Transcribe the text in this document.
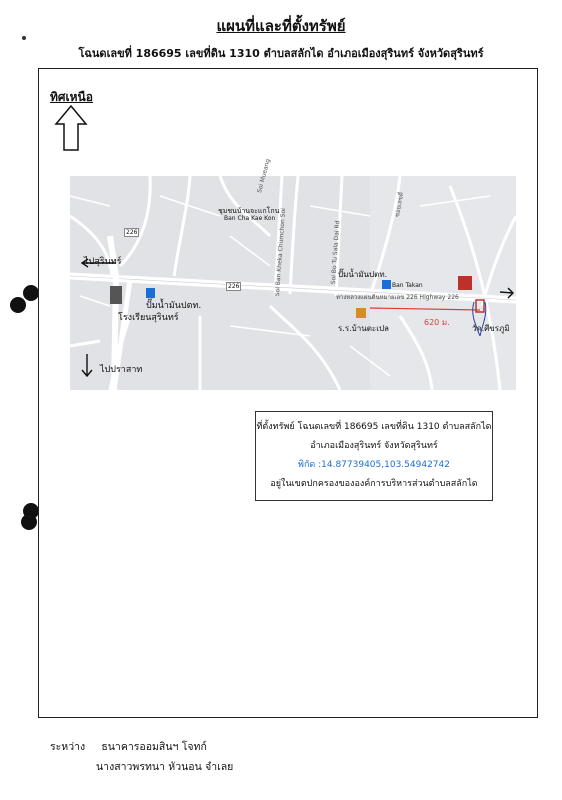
แผนที่และที่ตั้งทรัพย์
โฉนดเลขที่ 186695 เลขที่ดิน 1310 ตำบลสลักได อำเภอเมืองสุรินทร์ จังหวัดสุรินทร์
ทิศเหนือ
ไปสุรินทร์
ไปปราสาท
ปั๊มน้ำมันปตท.
โรงเรียนสุรินทร์
ชุมชนบ้านจะแกโกน
Ban Cha Kae Kon
ปั๊มน้ำมันปตท.
Ban Takan
ทางหลวงแผ่นดินหมายเลข 226 Highway 226
ร.ร.บ้านตะเปล
620 ม.
วัด.ศีขรภูมิ
Soi Mueang
Soi Ban Kheka Chumchon Soi	Soi Bo Tu Sala Dai Rd
ซอยเลขคี่
226
226
ที่ตั้งทรัพย์ โฉนดเลขที่ 186695 เลขที่ดิน 1310 ตำบลสลักได
อำเภอเมืองสุรินทร์ จังหวัดสุรินทร์
พิกัด :14.87739405,103.54942742
อยู่ในเขตปกครองขององค์การบริหารส่วนตำบลสลักได
ระหว่าง ธนาคารออมสินฯ โจทก์
นางสาวพรทนา หัวนอน จำเลย
